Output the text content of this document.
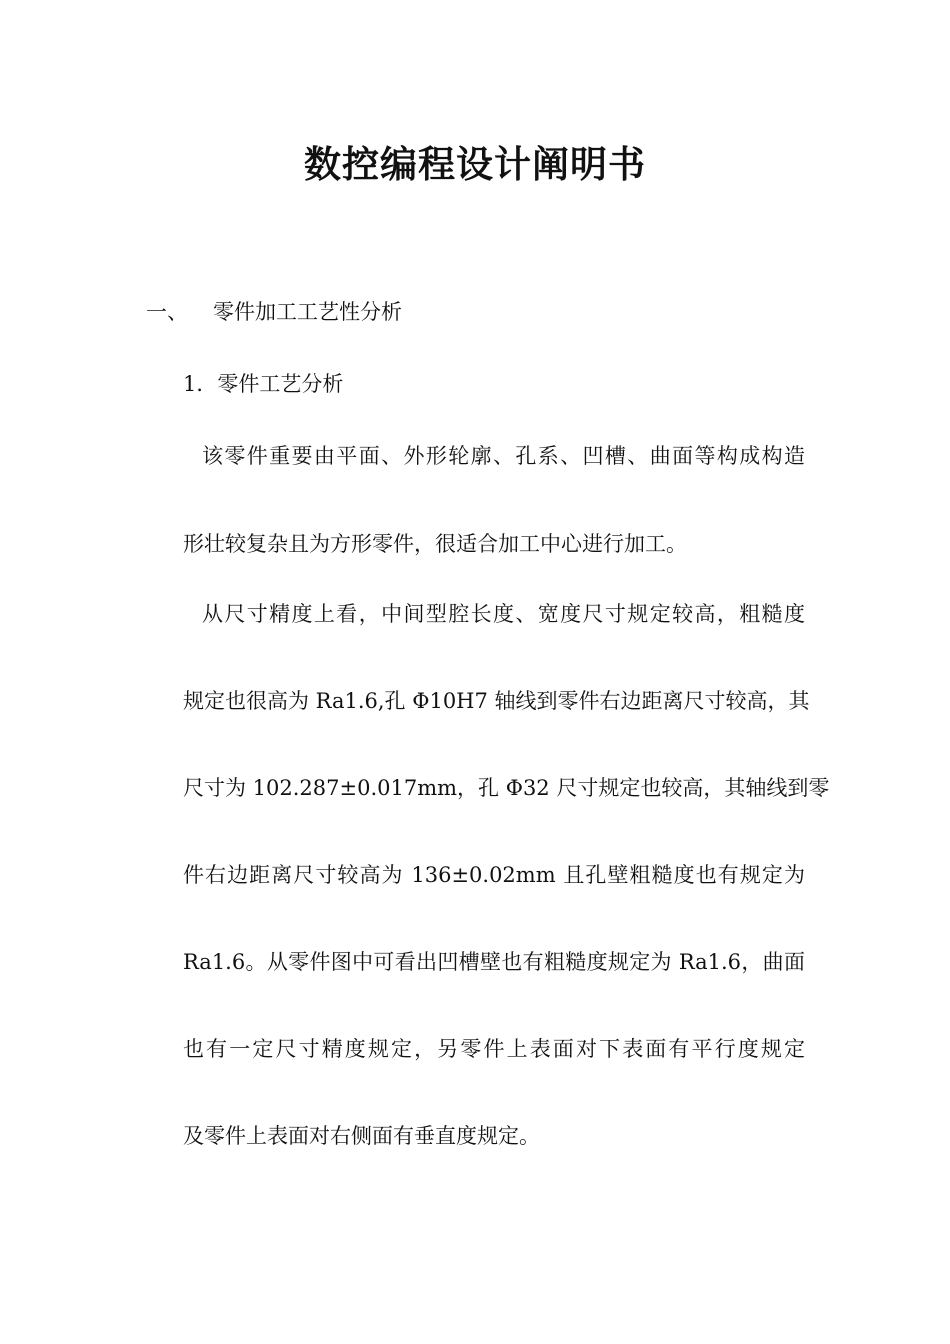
数控编程设计阐明书
一、 零件加工工艺性分析
1．零件工艺分析
该零件重要由平面、外形轮廓、孔系、凹槽、曲面等构成构造
形壮较复杂且为方形零件，很适合加工中心进行加工。
从尺寸精度上看，中间型腔长度、宽度尺寸规定较高，粗糙度
规定也很高为 Ra1.6,孔 Φ10H7 轴线到零件右边距离尺寸较高，其
尺寸为 102.287±0.017mm，孔 Φ32 尺寸规定也较高，其轴线到零
件右边距离尺寸较高为 136±0.02mm 且孔壁粗糙度也有规定为
Ra1.6。从零件图中可看出凹槽壁也有粗糙度规定为 Ra1.6，曲面
也有一定尺寸精度规定，另零件上表面对下表面有平行度规定
及零件上表面对右侧面有垂直度规定。
